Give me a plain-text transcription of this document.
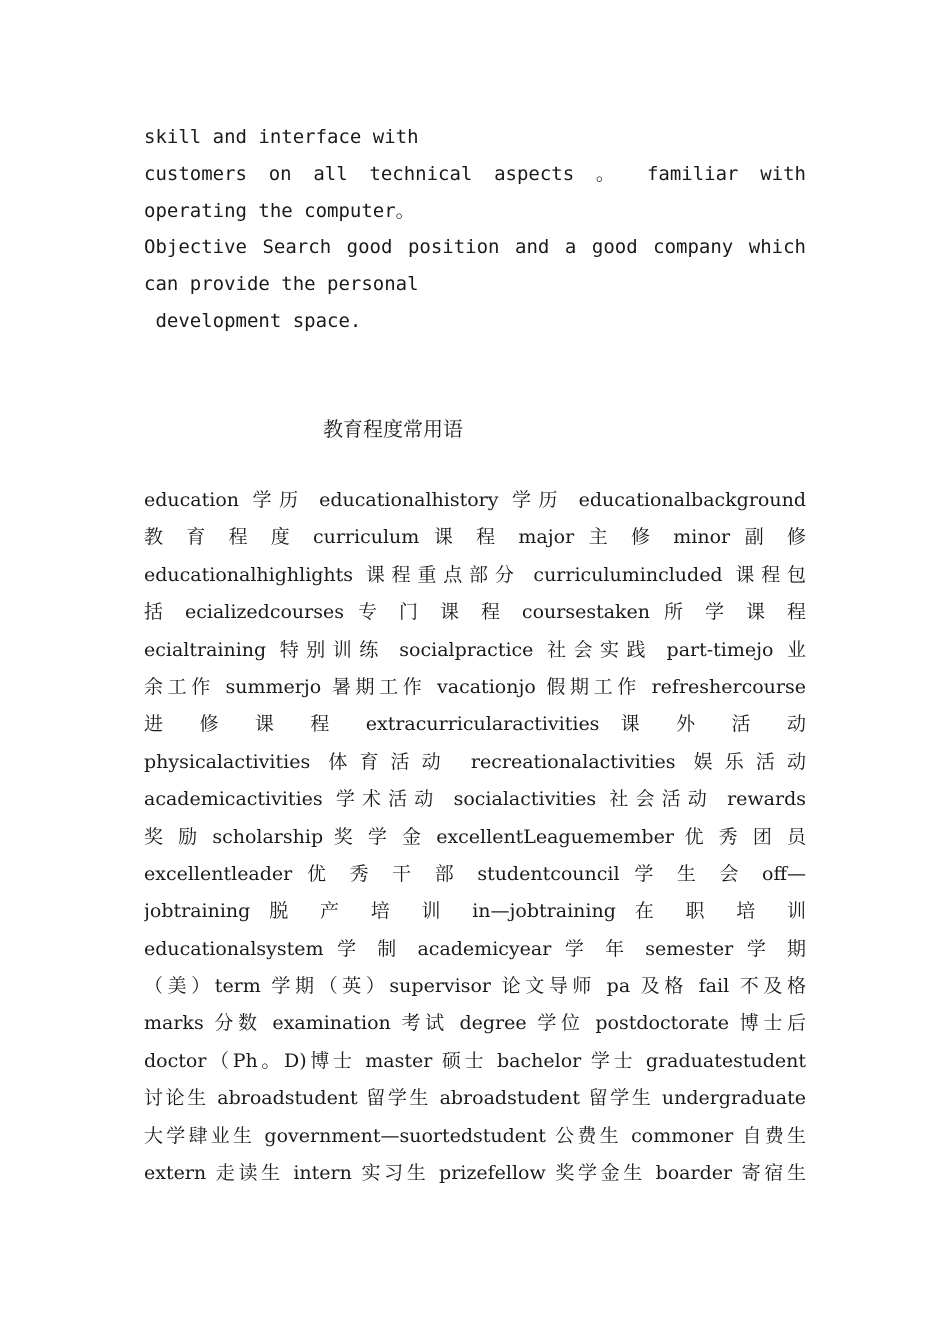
skill and interface with
customers on all technical aspects 。 familiar with
operating the computer。
Objective Search good position and a good company which
can provide the personal
development space.
教育程度常用语
education 学历 educationalhistory 学历 educationalbackground
教 育 程 度 curriculum 课 程 major 主 修 minor 副 修
educationalhighlights 课程重点部分 curriculumincluded 课程包
括 ecializedcourses 专 门 课 程 coursestaken 所 学 课 程
ecialtraining 特别训练 socialpractice 社会实践 part-timejo 业
余工作 summerjo 暑期工作 vacationjo 假期工作 refreshercourse
进 修 课 程 extracurricularactivities 课 外 活 动
physicalactivities 体育活动 recreationalactivities 娱乐活动
academicactivities 学术活动 socialactivities 社会活动 rewards
奖 励 scholarship 奖 学 金 excellentLeaguemember 优 秀 团 员
excellentleader 优 秀 干 部 studentcouncil 学 生 会 off—
jobtraining 脱 产 培 训 in—jobtraining 在 职 培 训
educationalsystem 学 制 academicyear 学 年 semester 学 期
（美）term 学期（英）supervisor 论文导师 pa 及格 fail 不及格
marks 分数 examination 考试 degree 学位 postdoctorate 博士后
doctor（Ph。D)博士 master 硕士 bachelor 学士 graduatestudent
讨论生 abroadstudent 留学生 abroadstudent 留学生 undergraduate
大学肆业生 government—suortedstudent 公费生 commoner 自费生
extern 走读生 intern 实习生 prizefellow 奖学金生 boarder 寄宿生
